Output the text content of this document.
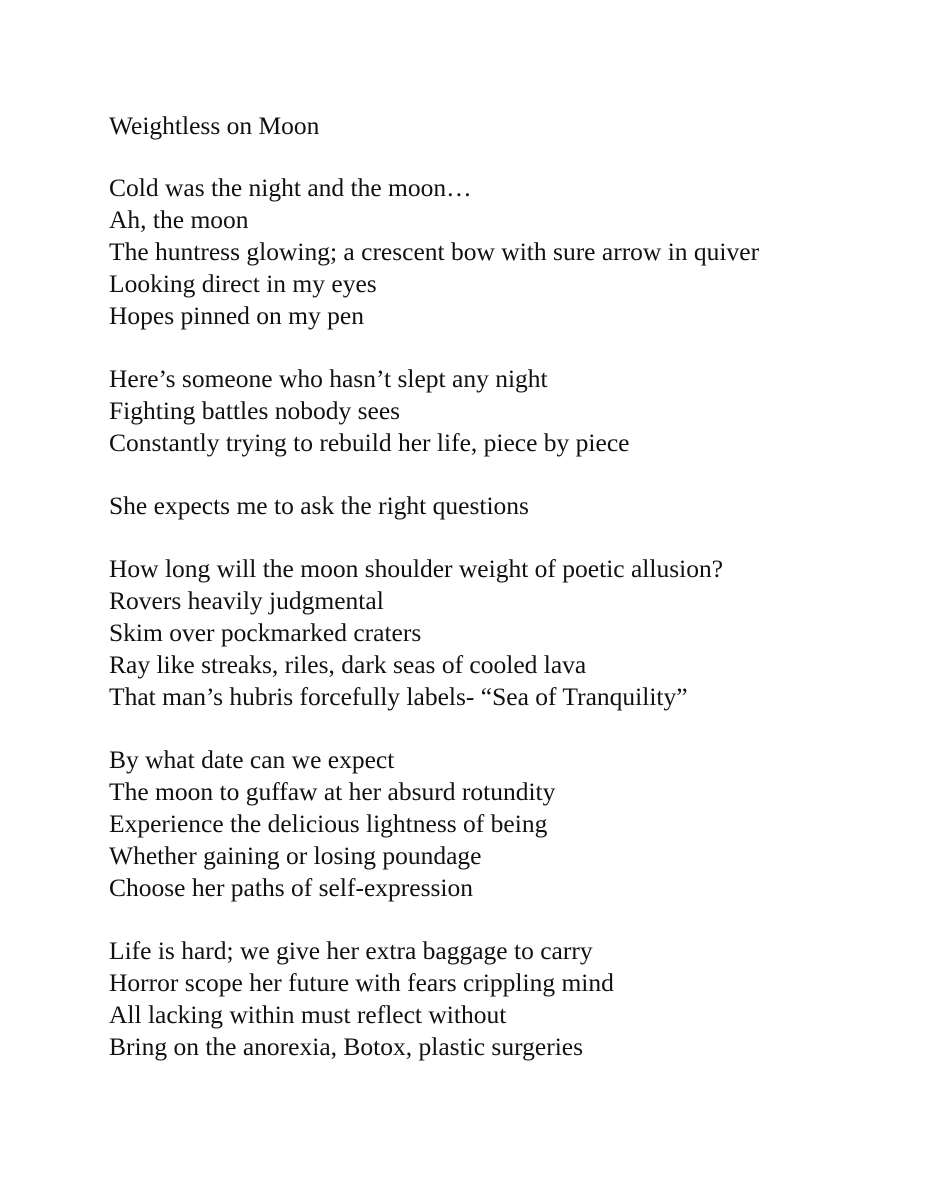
Weightless on Moon
Cold was the night and the moon…
Ah, the moon
The huntress glowing; a crescent bow with sure arrow in quiver
Looking direct in my eyes
Hopes pinned on my pen
Here’s someone who hasn’t slept any night
Fighting battles nobody sees
Constantly trying to rebuild her life, piece by piece
She expects me to ask the right questions
How long will the moon shoulder weight of poetic allusion?
Rovers heavily judgmental
Skim over pockmarked craters
Ray like streaks, riles, dark seas of cooled lava
That man’s hubris forcefully labels- “Sea of Tranquility”
By what date can we expect
The moon to guffaw at her absurd rotundity
Experience the delicious lightness of being
Whether gaining or losing poundage
Choose her paths of self-expression
Life is hard; we give her extra baggage to carry
Horror scope her future with fears crippling mind
All lacking within must reflect without
Bring on the anorexia, Botox, plastic surgeries
